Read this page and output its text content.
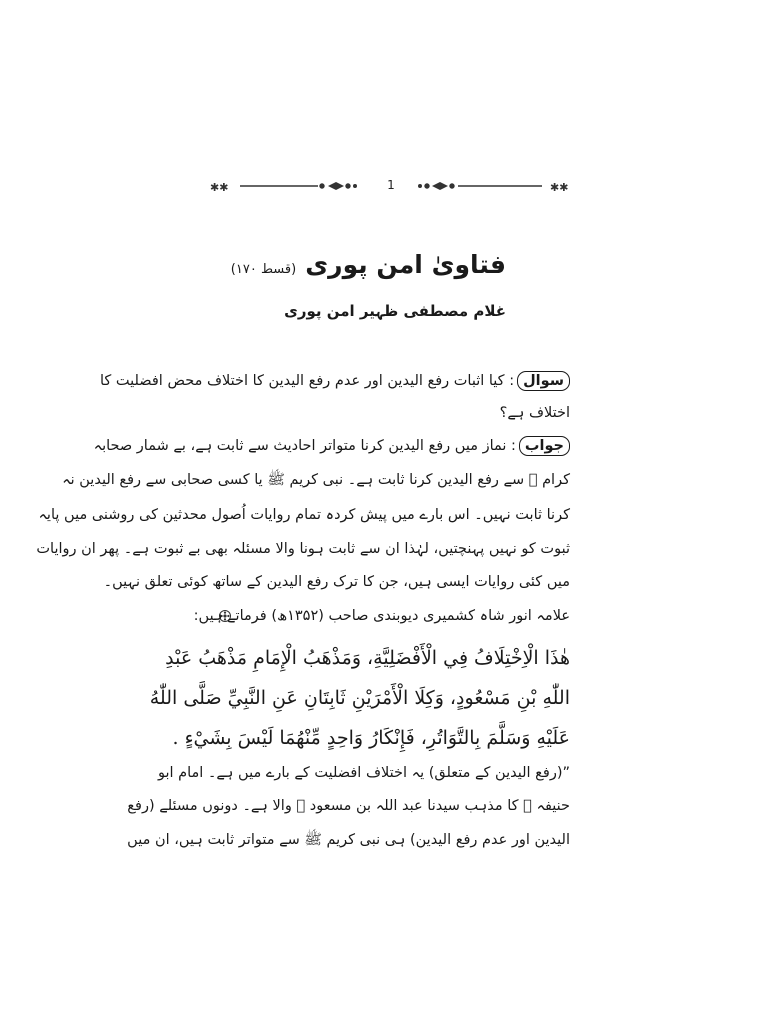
✱✱	✱✱
1
فتاویٰ امن پوری (قسط ۱۷۰)
غلام مصطفی ظہیر امن پوری
سوال: کیا اثبات رفع الیدین اور عدم رفع الیدین کا اختلاف محض افضلیت کا
اختلاف ہے؟
جواب: نماز میں رفع الیدین کرنا متواتر احادیث سے ثابت ہے، بے شمار صحابہ
کرام ﷢ سے رفع الیدین کرنا ثابت ہے۔ نبی کریم ﷺ یا کسی صحابی سے رفع الیدین نہ
کرنا ثابت نہیں۔ اس بارے میں پیش کردہ تمام روایات اُصول محدثین کی روشنی میں پایہ
ثبوت کو نہیں پہنچتیں، لہٰذا ان سے ثابت ہونا والا مسئلہ بھی بے ثبوت ہے۔ پھر ان روایات
میں کئی روایات ایسی ہیں، جن کا ترک رفع الیدین کے ساتھ کوئی تعلق نہیں۔
علامہ انور شاہ کشمیری دیوبندی صاحب (۱۳۵۲ھ) فرماتے ہیں:
هٰذَا الْاِخْتِلَافُ فِي الْأَفْضَلِيَّةِ، وَمَذْهَبُ الْإِمَامِ مَذْهَبُ عَبْدِ
اللّٰهِ بْنِ مَسْعُودٍ، وَكِلَا الْأَمْرَيْنِ ثَابِتَانِ عَنِ النَّبِيِّ صَلَّى اللّٰهُ
عَلَيْهِ وَسَلَّمَ بِالتَّوَاتُرِ، فَإِنْكَارُ وَاحِدٍ مِّنْهُمَا لَيْسَ بِشَيْءٍ .
”(رفع الیدین کے متعلق) یہ اختلاف افضلیت کے بارے میں ہے۔ امام ابو
حنیفہ ﷫ کا مذہب سیدنا عبد اللہ بن مسعود ﷜ والا ہے۔ دونوں مسئلے (رفع
الیدین اور عدم رفع الیدین) ہی نبی کریم ﷺ سے متواتر ثابت ہیں، ان میں
